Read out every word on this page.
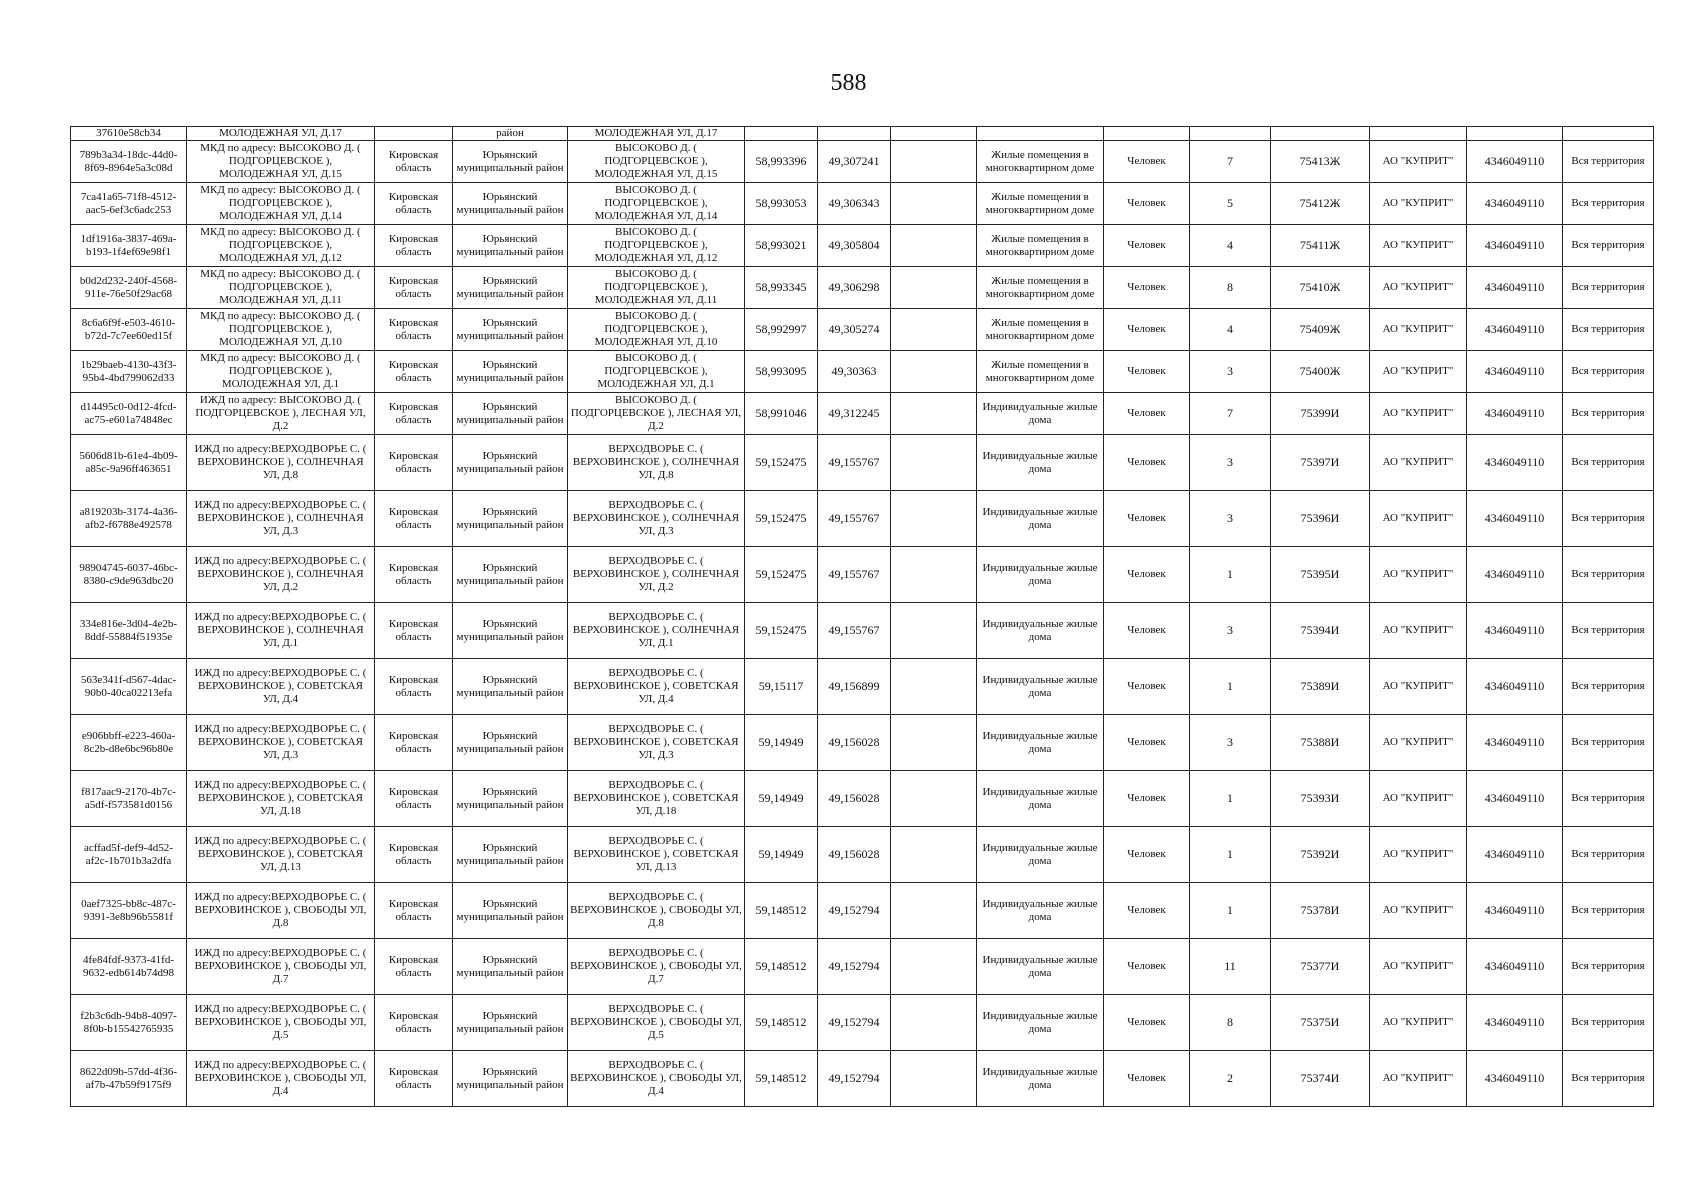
588
37610e58cb34	МОЛОДЕЖНАЯ УЛ, Д.17		район	МОЛОДЕЖНАЯ УЛ, Д.17										
789b3a34-18dc-44d0-8f69-8964e5a3c08d	МКД по адресу: ВЫСОКОВО Д. ( ПОДГОРЦЕВСКОЕ ), МОЛОДЕЖНАЯ УЛ, Д.15	Кировская область	Юрьянский муниципальный район	ВЫСОКОВО Д. ( ПОДГОРЦЕВСКОЕ ), МОЛОДЕЖНАЯ УЛ, Д.15	58,993396	49,307241		Жилые помещения в многоквартирном доме	Человек	7	75413Ж	АО "КУПРИТ"	4346049110	Вся территория
7ca41a65-71f8-4512-aac5-6ef3c6adc253	МКД по адресу: ВЫСОКОВО Д. ( ПОДГОРЦЕВСКОЕ ), МОЛОДЕЖНАЯ УЛ, Д.14	Кировская область	Юрьянский муниципальный район	ВЫСОКОВО Д. ( ПОДГОРЦЕВСКОЕ ), МОЛОДЕЖНАЯ УЛ, Д.14	58,993053	49,306343		Жилые помещения в многоквартирном доме	Человек	5	75412Ж	АО "КУПРИТ"	4346049110	Вся территория
1df1916a-3837-469a-b193-1f4ef69e98f1	МКД по адресу: ВЫСОКОВО Д. ( ПОДГОРЦЕВСКОЕ ), МОЛОДЕЖНАЯ УЛ, Д.12	Кировская область	Юрьянский муниципальный район	ВЫСОКОВО Д. ( ПОДГОРЦЕВСКОЕ ), МОЛОДЕЖНАЯ УЛ, Д.12	58,993021	49,305804		Жилые помещения в многоквартирном доме	Человек	4	75411Ж	АО "КУПРИТ"	4346049110	Вся территория
b0d2d232-240f-4568-911e-76e50f29ac68	МКД по адресу: ВЫСОКОВО Д. ( ПОДГОРЦЕВСКОЕ ), МОЛОДЕЖНАЯ УЛ, Д.11	Кировская область	Юрьянский муниципальный район	ВЫСОКОВО Д. ( ПОДГОРЦЕВСКОЕ ), МОЛОДЕЖНАЯ УЛ, Д.11	58,993345	49,306298		Жилые помещения в многоквартирном доме	Человек	8	75410Ж	АО "КУПРИТ"	4346049110	Вся территория
8c6a6f9f-e503-4610-b72d-7c7ee60ed15f	МКД по адресу: ВЫСОКОВО Д. ( ПОДГОРЦЕВСКОЕ ), МОЛОДЕЖНАЯ УЛ, Д.10	Кировская область	Юрьянский муниципальный район	ВЫСОКОВО Д. ( ПОДГОРЦЕВСКОЕ ), МОЛОДЕЖНАЯ УЛ, Д.10	58,992997	49,305274		Жилые помещения в многоквартирном доме	Человек	4	75409Ж	АО "КУПРИТ"	4346049110	Вся территория
1b29baeb-4130-43f3-95b4-4bd799062d33	МКД по адресу: ВЫСОКОВО Д. ( ПОДГОРЦЕВСКОЕ ), МОЛОДЕЖНАЯ УЛ, Д.1	Кировская область	Юрьянский муниципальный район	ВЫСОКОВО Д. ( ПОДГОРЦЕВСКОЕ ), МОЛОДЕЖНАЯ УЛ, Д.1	58,993095	49,30363		Жилые помещения в многоквартирном доме	Человек	3	75400Ж	АО "КУПРИТ"	4346049110	Вся территория
d14495c0-0d12-4fcd-ac75-e601a74848ec	ИЖД по адресу: ВЫСОКОВО Д. ( ПОДГОРЦЕВСКОЕ ), ЛЕСНАЯ УЛ, Д.2	Кировская область	Юрьянский муниципальный район	ВЫСОКОВО Д. ( ПОДГОРЦЕВСКОЕ ), ЛЕСНАЯ УЛ, Д.2	58,991046	49,312245		Индивидуальные жилые дома	Человек	7	75399И	АО "КУПРИТ"	4346049110	Вся территория
5606d81b-61e4-4b09-a85c-9a96ff463651	ИЖД по адресу:ВЕРХОДВОРЬЕ С. ( ВЕРХОВИНСКОЕ ), СОЛНЕЧНАЯ УЛ, Д.8	Кировская область	Юрьянский муниципальный район	ВЕРХОДВОРЬЕ С. ( ВЕРХОВИНСКОЕ ), СОЛНЕЧНАЯ УЛ, Д.8	59,152475	49,155767		Индивидуальные жилые дома	Человек	3	75397И	АО "КУПРИТ"	4346049110	Вся территория
a819203b-3174-4a36-afb2-f6788e492578	ИЖД по адресу:ВЕРХОДВОРЬЕ С. ( ВЕРХОВИНСКОЕ ), СОЛНЕЧНАЯ УЛ, Д.3	Кировская область	Юрьянский муниципальный район	ВЕРХОДВОРЬЕ С. ( ВЕРХОВИНСКОЕ ), СОЛНЕЧНАЯ УЛ, Д.3	59,152475	49,155767		Индивидуальные жилые дома	Человек	3	75396И	АО "КУПРИТ"	4346049110	Вся территория
98904745-6037-46bc-8380-c9de963dbc20	ИЖД по адресу:ВЕРХОДВОРЬЕ С. ( ВЕРХОВИНСКОЕ ), СОЛНЕЧНАЯ УЛ, Д.2	Кировская область	Юрьянский муниципальный район	ВЕРХОДВОРЬЕ С. ( ВЕРХОВИНСКОЕ ), СОЛНЕЧНАЯ УЛ, Д.2	59,152475	49,155767		Индивидуальные жилые дома	Человек	1	75395И	АО "КУПРИТ"	4346049110	Вся территория
334e816e-3d04-4e2b-8ddf-55884f51935e	ИЖД по адресу:ВЕРХОДВОРЬЕ С. ( ВЕРХОВИНСКОЕ ), СОЛНЕЧНАЯ УЛ, Д.1	Кировская область	Юрьянский муниципальный район	ВЕРХОДВОРЬЕ С. ( ВЕРХОВИНСКОЕ ), СОЛНЕЧНАЯ УЛ, Д.1	59,152475	49,155767		Индивидуальные жилые дома	Человек	3	75394И	АО "КУПРИТ"	4346049110	Вся территория
563e341f-d567-4dac-90b0-40ca02213efa	ИЖД по адресу:ВЕРХОДВОРЬЕ С. ( ВЕРХОВИНСКОЕ ), СОВЕТСКАЯ УЛ, Д.4	Кировская область	Юрьянский муниципальный район	ВЕРХОДВОРЬЕ С. ( ВЕРХОВИНСКОЕ ), СОВЕТСКАЯ УЛ, Д.4	59,15117	49,156899		Индивидуальные жилые дома	Человек	1	75389И	АО "КУПРИТ"	4346049110	Вся территория
e906bbff-e223-460a-8c2b-d8e6bc96b80e	ИЖД по адресу:ВЕРХОДВОРЬЕ С. ( ВЕРХОВИНСКОЕ ), СОВЕТСКАЯ УЛ, Д.3	Кировская область	Юрьянский муниципальный район	ВЕРХОДВОРЬЕ С. ( ВЕРХОВИНСКОЕ ), СОВЕТСКАЯ УЛ, Д.3	59,14949	49,156028		Индивидуальные жилые дома	Человек	3	75388И	АО "КУПРИТ"	4346049110	Вся территория
f817aac9-2170-4b7c-a5df-f573581d0156	ИЖД по адресу:ВЕРХОДВОРЬЕ С. ( ВЕРХОВИНСКОЕ ), СОВЕТСКАЯ УЛ, Д.18	Кировская область	Юрьянский муниципальный район	ВЕРХОДВОРЬЕ С. ( ВЕРХОВИНСКОЕ ), СОВЕТСКАЯ УЛ, Д.18	59,14949	49,156028		Индивидуальные жилые дома	Человек	1	75393И	АО "КУПРИТ"	4346049110	Вся территория
acffad5f-def9-4d52-af2c-1b701b3a2dfa	ИЖД по адресу:ВЕРХОДВОРЬЕ С. ( ВЕРХОВИНСКОЕ ), СОВЕТСКАЯ УЛ, Д.13	Кировская область	Юрьянский муниципальный район	ВЕРХОДВОРЬЕ С. ( ВЕРХОВИНСКОЕ ), СОВЕТСКАЯ УЛ, Д.13	59,14949	49,156028		Индивидуальные жилые дома	Человек	1	75392И	АО "КУПРИТ"	4346049110	Вся территория
0aef7325-bb8c-487c-9391-3e8b96b5581f	ИЖД по адресу:ВЕРХОДВОРЬЕ С. ( ВЕРХОВИНСКОЕ ), СВОБОДЫ УЛ, Д.8	Кировская область	Юрьянский муниципальный район	ВЕРХОДВОРЬЕ С. ( ВЕРХОВИНСКОЕ ), СВОБОДЫ УЛ, Д.8	59,148512	49,152794		Индивидуальные жилые дома	Человек	1	75378И	АО "КУПРИТ"	4346049110	Вся территория
4fe84fdf-9373-41fd-9632-edb614b74d98	ИЖД по адресу:ВЕРХОДВОРЬЕ С. ( ВЕРХОВИНСКОЕ ), СВОБОДЫ УЛ, Д.7	Кировская область	Юрьянский муниципальный район	ВЕРХОДВОРЬЕ С. ( ВЕРХОВИНСКОЕ ), СВОБОДЫ УЛ, Д.7	59,148512	49,152794		Индивидуальные жилые дома	Человек	11	75377И	АО "КУПРИТ"	4346049110	Вся территория
f2b3c6db-94b8-4097-8f0b-b15542765935	ИЖД по адресу:ВЕРХОДВОРЬЕ С. ( ВЕРХОВИНСКОЕ ), СВОБОДЫ УЛ, Д.5	Кировская область	Юрьянский муниципальный район	ВЕРХОДВОРЬЕ С. ( ВЕРХОВИНСКОЕ ), СВОБОДЫ УЛ, Д.5	59,148512	49,152794		Индивидуальные жилые дома	Человек	8	75375И	АО "КУПРИТ"	4346049110	Вся территория
8622d09b-57dd-4f36-af7b-47b59f9175f9	ИЖД по адресу:ВЕРХОДВОРЬЕ С. ( ВЕРХОВИНСКОЕ ), СВОБОДЫ УЛ, Д.4	Кировская область	Юрьянский муниципальный район	ВЕРХОДВОРЬЕ С. ( ВЕРХОВИНСКОЕ ), СВОБОДЫ УЛ, Д.4	59,148512	49,152794		Индивидуальные жилые дома	Человек	2	75374И	АО "КУПРИТ"	4346049110	Вся территория
